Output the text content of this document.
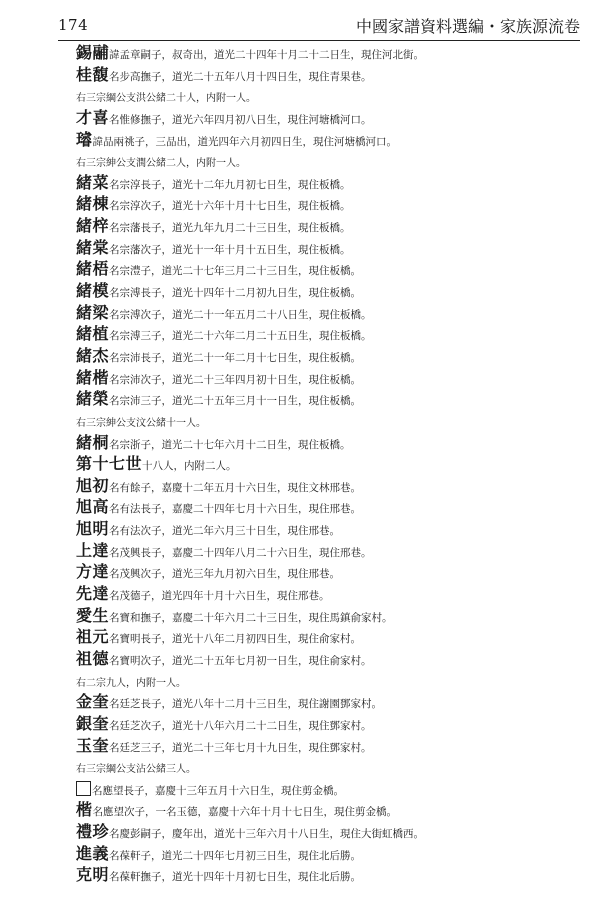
174	中國家譜資料選編・家族源流卷
錫鬴諱孟章嗣子，叔奇出，道光二十四年十月二十二日生，現住河北街。
桂馥名步高撫子，道光二十五年八月十四日生，現住青果巷。
右三宗綱公支洪公緒二十人，内附一人。
才喜名惟修撫子，道光六年四月初八日生，現住河塘橋河口。
璿諱品兩祧子，三品出，道光四年六月初四日生，現住河塘橋河口。
右三宗紳公支潤公緒二人，内附一人。
緒菜名宗淳長子，道光十二年九月初七日生，現住板橋。
緒棟名宗淳次子，道光十六年十月十七日生，現住板橋。
緒梓名宗藩長子，道光九年九月二十三日生，現住板橋。
緒棠名宗藩次子，道光十一年十月十五日生，現住板橋。
緒梧名宗澧子，道光二十七年三月二十三日生，現住板橋。
緒模名宗溥長子，道光十四年十二月初九日生，現住板橋。
緒梁名宗溥次子，道光二十一年五月二十八日生，現住板橋。
緒植名宗溥三子，道光二十六年二月二十五日生，現住板橋。
緒杰名宗沛長子，道光二十一年二月十七日生，現住板橋。
緒楷名宗沛次子，道光二十三年四月初十日生，現住板橋。
緒榮名宗沛三子，道光二十五年三月十一日生，現住板橋。
右三宗紳公支汶公緒十一人。
緒桐名宗浙子，道光二十七年六月十二日生，現住板橋。
第十七世十八人，内附二人。
旭初名有餘子，嘉慶十二年五月十六日生，現住文林邢巷。
旭高名有法長子，嘉慶二十四年七月十六日生，現住邢巷。
旭明名有法次子，道光二年六月三十日生，現住邢巷。
上達名茂興長子，嘉慶二十四年八月二十六日生，現住邢巷。
方達名茂興次子，道光三年九月初六日生，現住邢巷。
先達名茂德子，道光四年十月十六日生，現住邢巷。
愛生名寶和撫子，嘉慶二十年六月二十三日生，現住馬鎮俞家村。
祖元名寶明長子，道光十八年二月初四日生，現住俞家村。
祖德名寶明次子，道光二十五年七月初一日生，現住俞家村。
右二宗九人，内附一人。
金奎名廷芝長子，道光八年十二月十三日生，現住謝園鄧家村。
銀奎名廷芝次子，道光十八年六月二十二日生，現住鄧家村。
玉奎名廷芝三子，道光二十三年七月十九日生，現住鄧家村。
右三宗綱公支沾公緒三人。
名應望長子，嘉慶十三年五月十六日生，現住剪金橋。
楷名應望次子，一名玉德，嘉慶十六年十月十七日生，現住剪金橋。
禮珍名慶彭嗣子，慶年出，道光十三年六月十八日生，現住大街虹橋西。
進義名葆軒子，道光二十四年七月初三日生，現住北后勝。
克明名葆軒撫子，道光十四年十月初七日生，現住北后勝。
